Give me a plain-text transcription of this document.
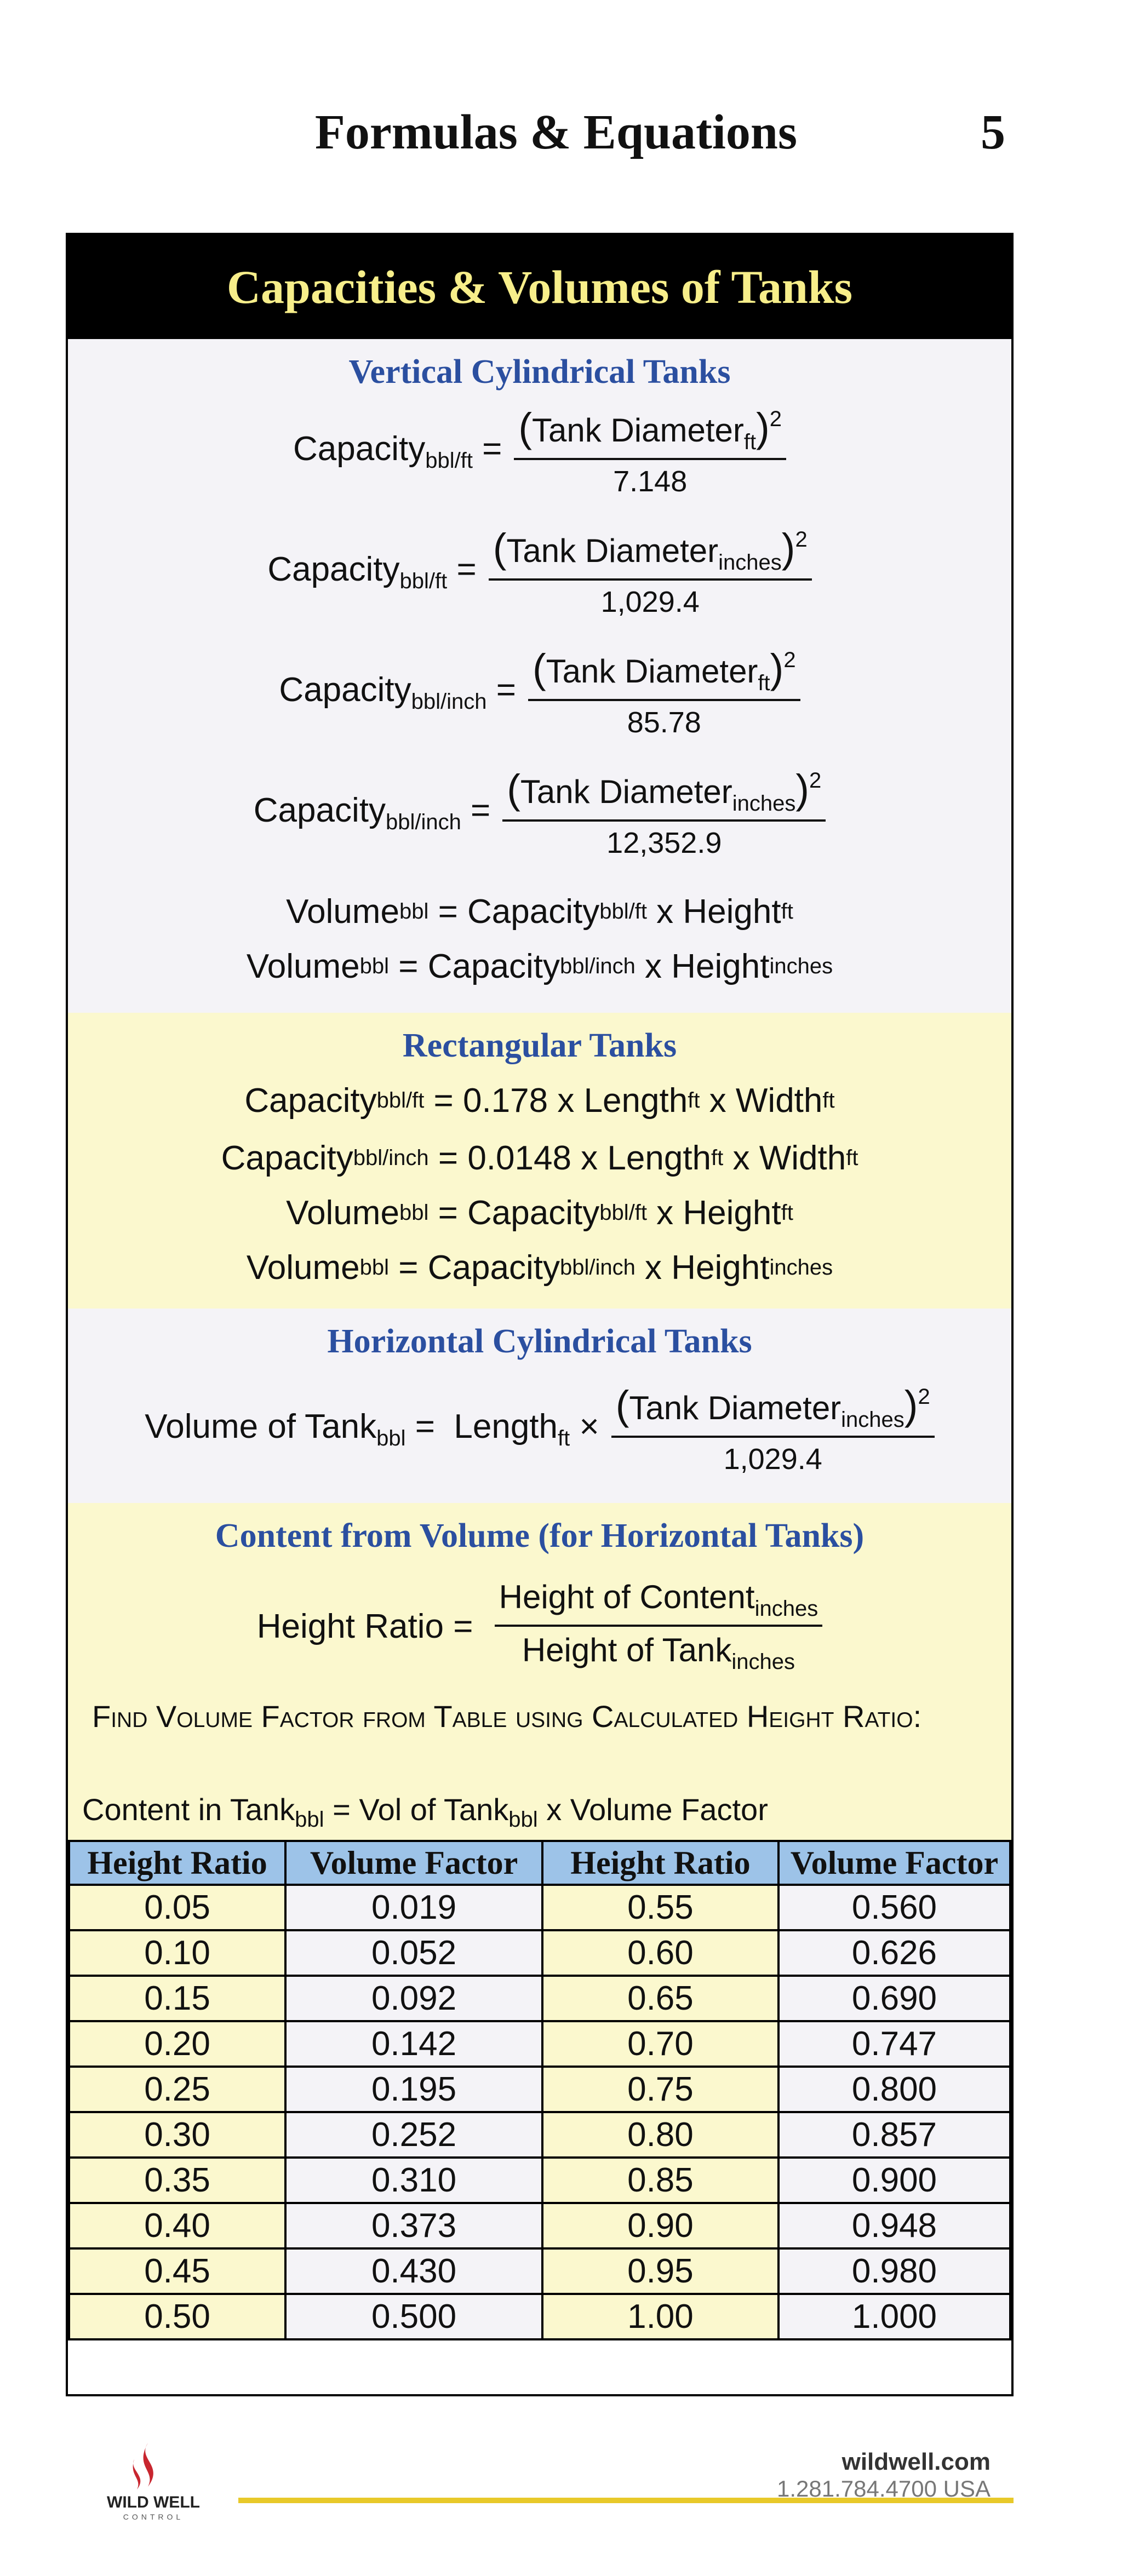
Formulas & Equations	5
Capacities & Volumes of Tanks
Vertical Cylindrical Tanks
Capacity$_{bbl/ft}$ = $\frac{(Tank Diameter_{ft})^2}{7.148}$
Capacity$_{bbl/ft}$ = $\frac{(Tank Diameter_{inches})^2}{1,029.4}$
Capacity$_{bbl/inch}$ = $\frac{(Tank Diameter_{ft})^2}{85.78}$
Capacity$_{bbl/inch}$ = $\frac{(Tank Diameter_{inches})^2}{12,352.9}$
Volume bbl = Capacity bbl/ft x Height ft
Volume bbl = Capacity bbl/inch x Height inches
Rectangular Tanks
Capacity bbl/ft = 0.178 x Length ft x Width ft
Capacity bbl/inch = 0.0148 x Length ft x Width ft
Volume bbl = Capacity bbl/ft x Height ft
Volume bbl = Capacity bbl/inch x Height inches
Horizontal Cylindrical Tanks
Volume of Tank$_{bbl}$ =  Length$_{ft}$ × $\frac{(Tank Diameter_{inches})^2}{1,029.4}$
Content from Volume (for Horizontal Tanks)
Height Ratio = $\frac{Height of Content_{inches}}{Height of Tank_{inches}}$
Find Volume Factor from Table using Calculated Height Ratio:
Content in Tank$_{bbl}$ = Vol of Tank$_{bbl}$ x Volume Factor
Height Ratio	Volume Factor	Height Ratio	Volume Factor
0.05	0.019	0.55	0.560
0.10	0.052	0.60	0.626
0.15	0.092	0.65	0.690
0.20	0.142	0.70	0.747
0.25	0.195	0.75	0.800
0.30	0.252	0.80	0.857
0.35	0.310	0.85	0.900
0.40	0.373	0.90	0.948
0.45	0.430	0.95	0.980
0.50	0.500	1.00	1.000
WILD WELL
CONTROL
wildwell.com
1.281.784.4700 USA
